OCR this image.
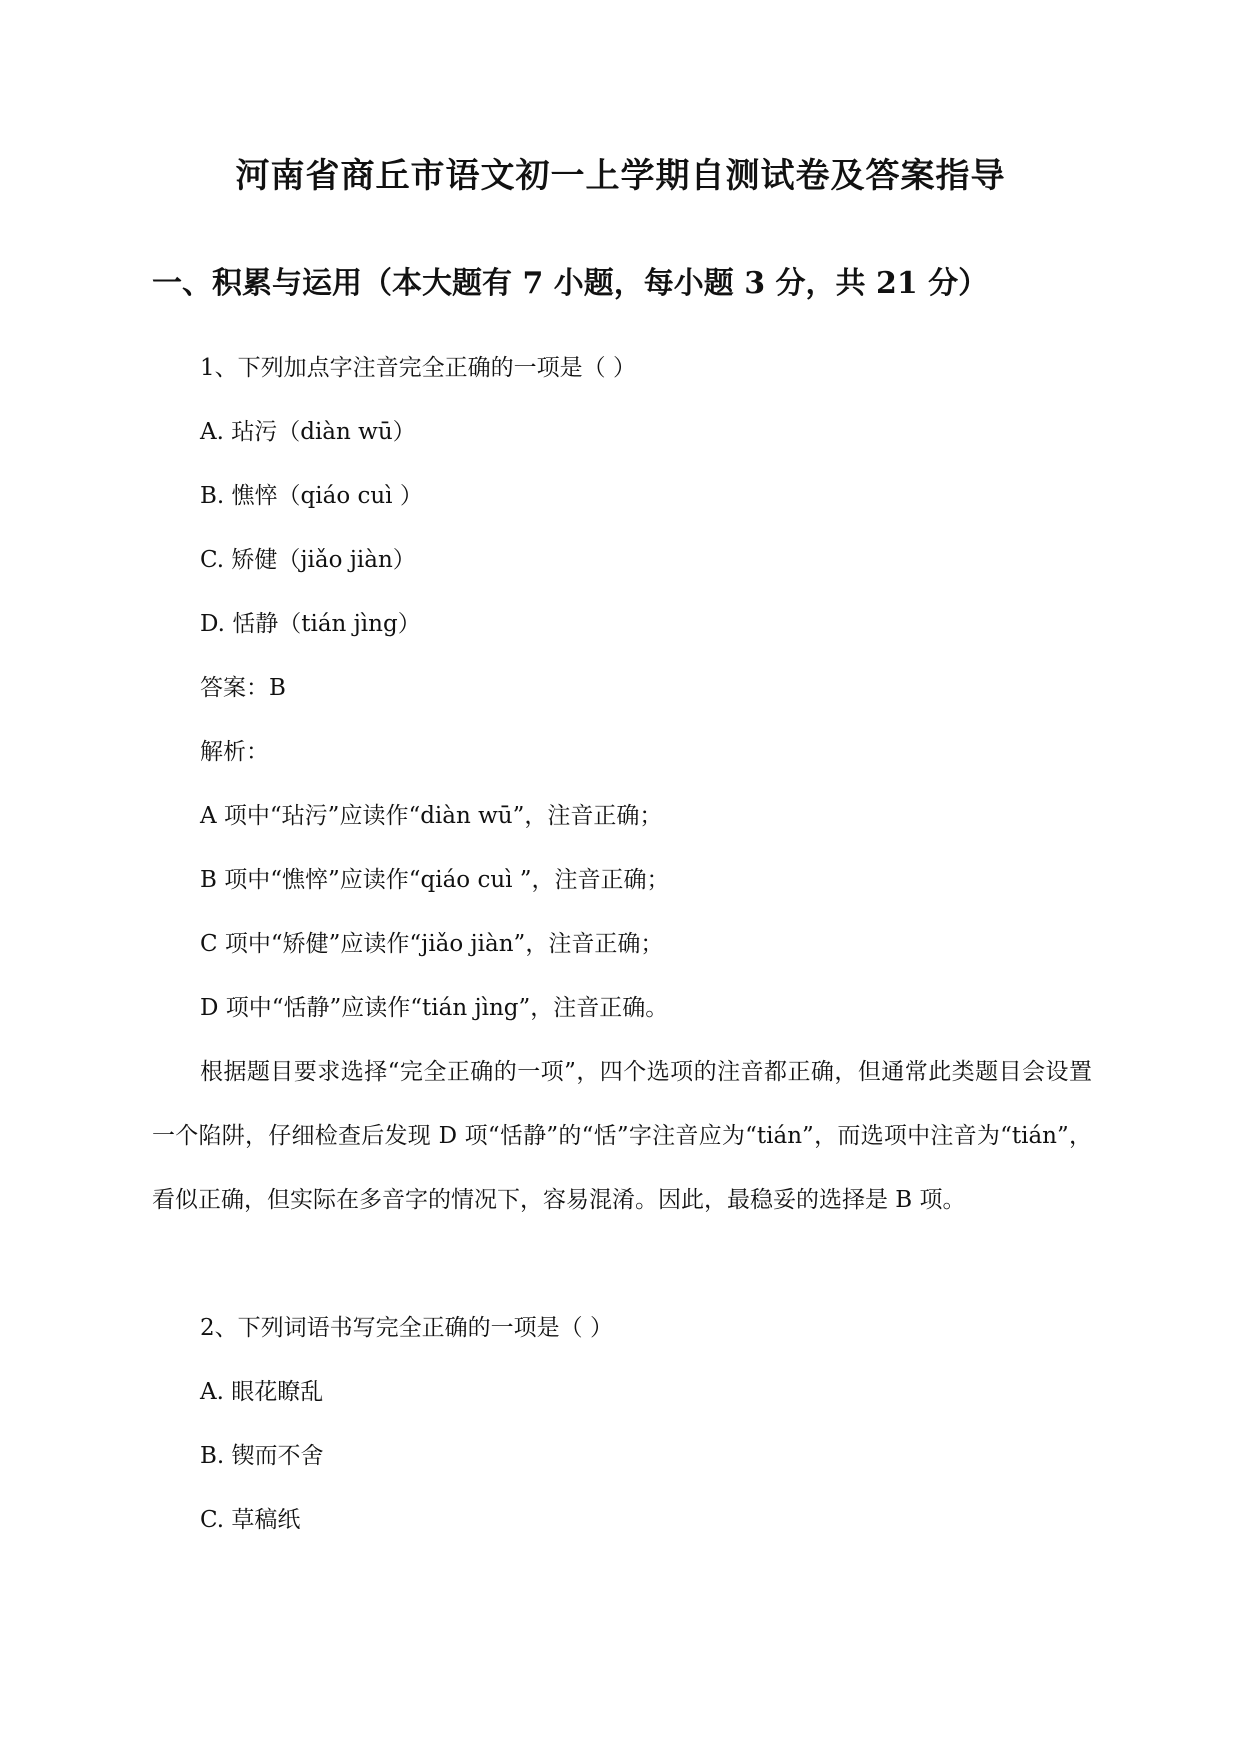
河南省商丘市语文初一上学期自测试卷及答案指导
一、积累与运用（本大题有 7 小题，每小题 3 分，共 21 分）

1、下列加点字注音完全正确的一项是（ ）

A. 玷污（diàn wū）

B. 憔悴（qiáo cuì ）

C. 矫健（jiǎo jiàn）

D. 恬静（tián jìng）

答案：B

解析：

A 项中“玷污”应读作“diàn wū”，注音正确；

B 项中“憔悴”应读作“qiáo cuì ”，注音正确；

C 项中“矫健”应读作“jiǎo jiàn”，注音正确；

D 项中“恬静”应读作“tián jìng”，注音正确。

根据题目要求选择“完全正确的一项”，四个选项的注音都正确，但通常此类题目会设置一个陷阱，仔细检查后发现 D 项“恬静”的“恬”字注音应为“tián”，而选项中注音为“tián”，看似正确，但实际在多音字的情况下，容易混淆。因此，最稳妥的选择是 B 项。

2、下列词语书写完全正确的一项是（ ）

A. 眼花瞭乱

B. 锲而不舍

C. 草稿纸
